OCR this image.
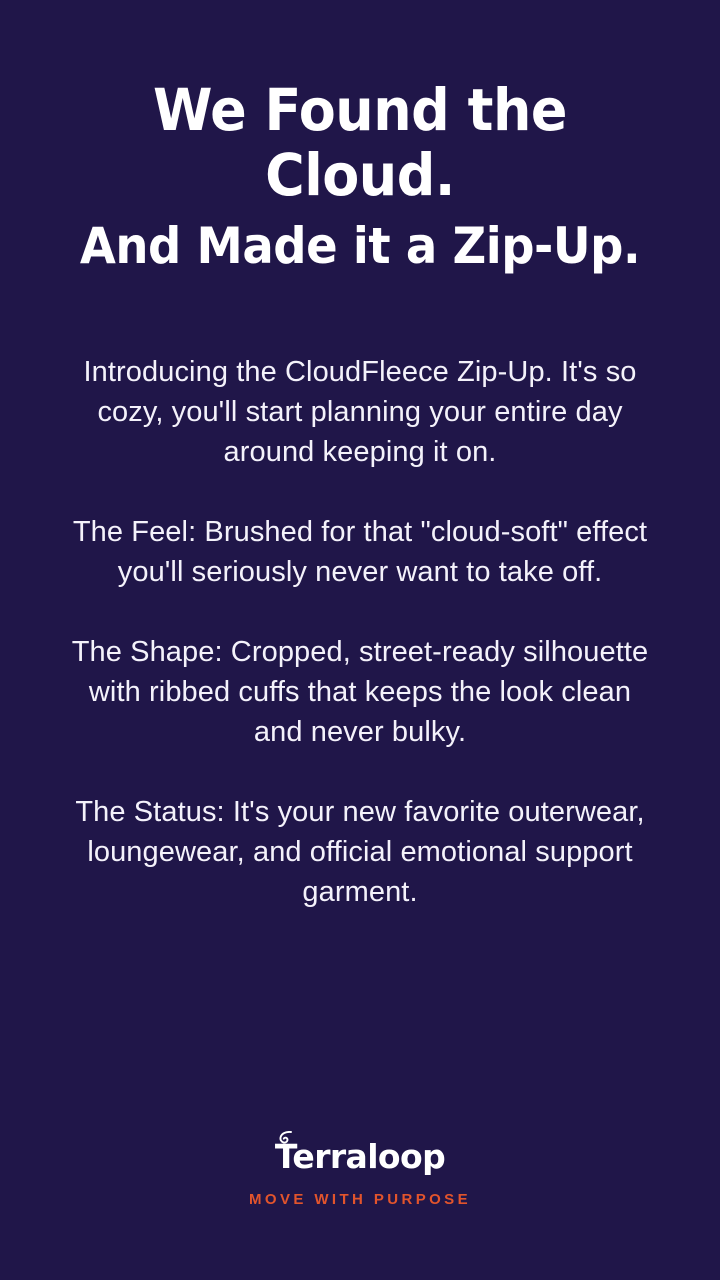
We Found the Cloud.
And Made it a Zip-Up.

Introducing the CloudFleece Zip-Up. It's so cozy, you'll start planning your entire day around keeping it on.

The Feel: Brushed for that "cloud-soft" effect you'll seriously never want to take off.

The Shape: Cropped, street-ready silhouette with ribbed cuffs that keeps the look clean and never bulky.

The Status: It's your new favorite outerwear, loungewear, and official emotional support garment.

Terraloop
MOVE WITH PURPOSE
